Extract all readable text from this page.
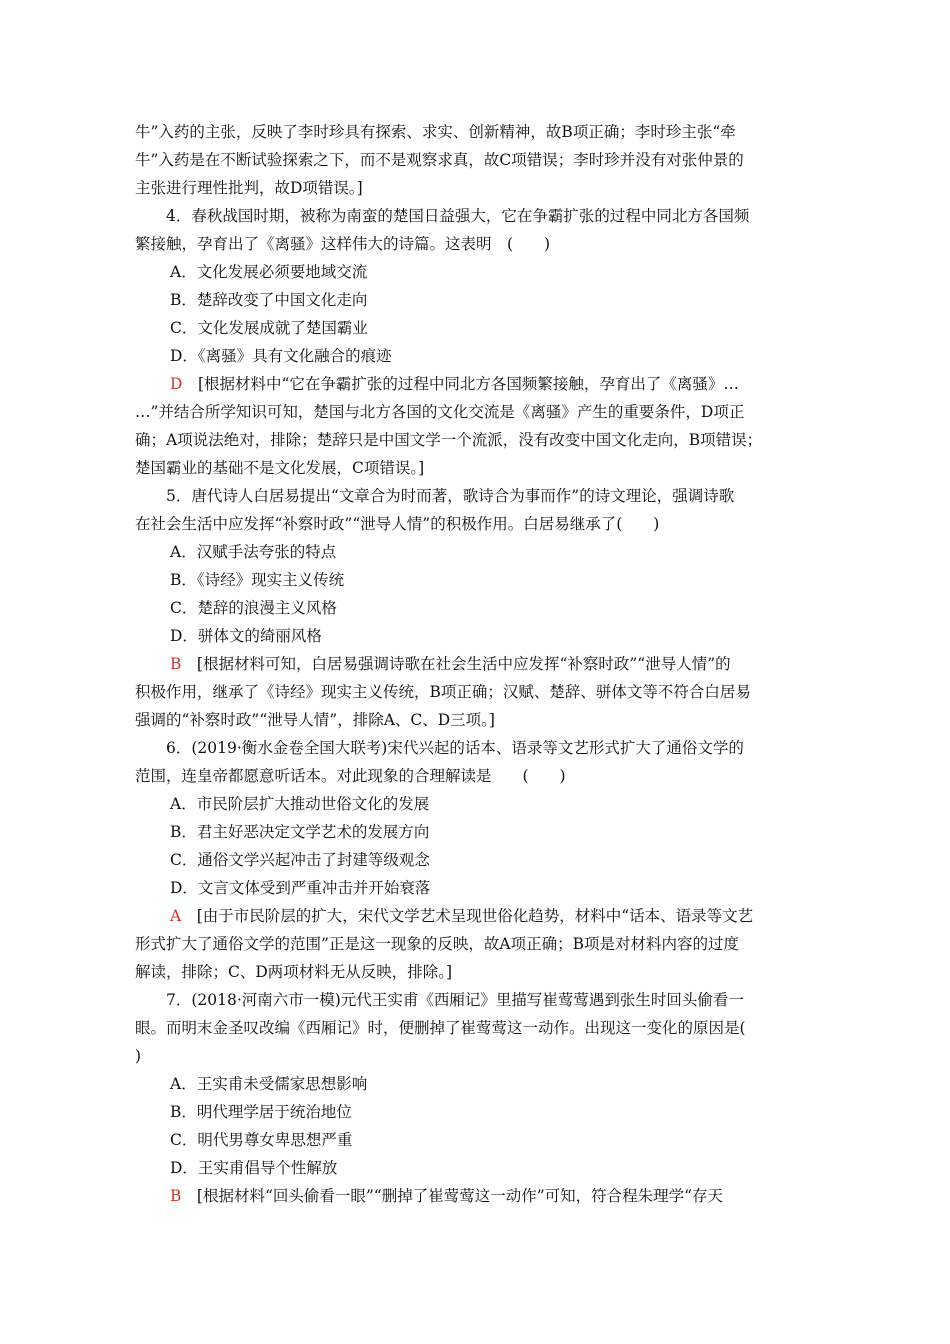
牛”入药的主张，反映了李时珍具有探索、求实、创新精神，故B项正确；李时珍主张“牵

牛”入药是在不断试验探索之下，而不是观察求真，故C项错误；李时珍并没有对张仲景的

主张进行理性批判，故D项错误。]

4．春秋战国时期，被称为南蛮的楚国日益强大，它在争霸扩张的过程中同北方各国频

繁接触，孕育出了《离骚》这样伟大的诗篇。这表明　(　　)

A．文化发展必须要地域交流

B．楚辞改变了中国文化走向

C．文化发展成就了楚国霸业

D．《离骚》具有文化融合的痕迹

D　[根据材料中“它在争霸扩张的过程中同北方各国频繁接触，孕育出了《离骚》…
…”并结合所学知识可知，楚国与北方各国的文化交流是《离骚》产生的重要条件，D项正
确；A项说法绝对，排除；楚辞只是中国文学一个流派，没有改变中国文化走向，B项错误；
楚国霸业的基础不是文化发展，C项错误。]

5．唐代诗人白居易提出“文章合为时而著，歌诗合为事而作”的诗文理论，强调诗歌

在社会生活中应发挥“补察时政”“泄导人情”的积极作用。白居易继承了(　　)

A．汉赋手法夸张的特点

B．《诗经》现实主义传统

C．楚辞的浪漫主义风格

D．骈体文的绮丽风格

B　[根据材料可知，白居易强调诗歌在社会生活中应发挥“补察时政”“泄导人情”的
积极作用，继承了《诗经》现实主义传统，B项正确；汉赋、楚辞、骈体文等不符合白居易
强调的“补察时政”“泄导人情”，排除A、C、D三项。]

6．(2019·衡水金卷全国大联考)宋代兴起的话本、语录等文艺形式扩大了通俗文学的

范围，连皇帝都愿意听话本。对此现象的合理解读是　　(　　)

A．市民阶层扩大推动世俗文化的发展

B．君主好恶决定文学艺术的发展方向

C．通俗文学兴起冲击了封建等级观念

D．文言文体受到严重冲击并开始衰落

A　[由于市民阶层的扩大，宋代文学艺术呈现世俗化趋势，材料中“话本、语录等文艺
形式扩大了通俗文学的范围”正是这一现象的反映，故A项正确；B项是对材料内容的过度
解读，排除；C、D两项材料无从反映，排除。]

7．(2018·河南六市一模)元代王实甫《西厢记》里描写崔莺莺遇到张生时回头偷看一

眼。而明末金圣叹改编《西厢记》时，便删掉了崔莺莺这一动作。出现这一变化的原因是(

)

A．王实甫未受儒家思想影响

B．明代理学居于统治地位

C．明代男尊女卑思想严重

D．王实甫倡导个性解放

B　[根据材料“回头偷看一眼”“删掉了崔莺莺这一动作”可知，符合程朱理学“存天
